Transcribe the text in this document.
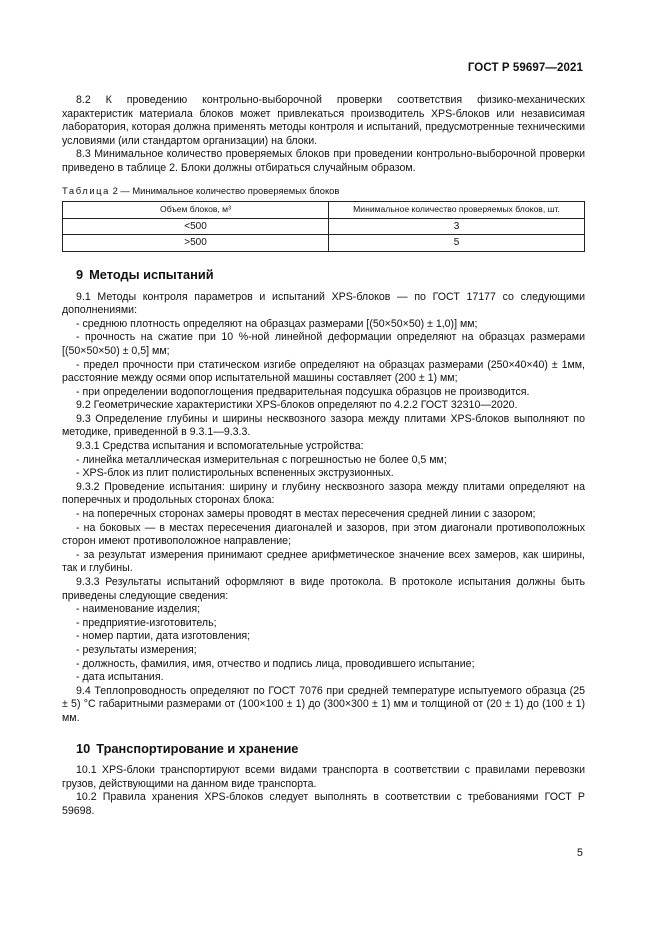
ГОСТ Р 59697—2021

8.2 К проведению контрольно-выборочной проверки соответствия физико-механических характеристик материала блоков может привлекаться производитель XPS-блоков или независимая лаборатория, которая должна применять методы контроля и испытаний, предусмотренные техническими условиями (или стандартом организации) на блоки.

8.3 Минимальное количество проверяемых блоков при проведении контрольно-выборочной проверки приведено в таблице 2. Блоки должны отбираться случайным образом.

Таблица 2 — Минимальное количество проверяемых блоков
Объем блоков, м³	Минимальное количество проверяемых блоков, шт.
<500	3
>500	5
9 Методы испытаний

9.1 Методы контроля параметров и испытаний XPS-блоков — по ГОСТ 17177 со следующими дополнениями:

- среднюю плотность определяют на образцах размерами [(50×50×50) ± 1,0)] мм;

- прочность на сжатие при 10 %-ной линейной деформации определяют на образцах размерами [(50×50×50) ± 0,5] мм;

- предел прочности при статическом изгибе определяют на образцах размерами (250×40×40) ± 1мм, расстояние между осями опор испытательной машины составляет (200 ± 1) мм;

- при определении водопоглощения предварительная подсушка образцов не производится.

9.2 Геометрические характеристики XPS-блоков определяют по 4.2.2 ГОСТ 32310—2020.

9.3 Определение глубины и ширины несквозного зазора между плитами XPS-блоков выполняют по методике, приведенной в 9.3.1—9.3.3.

9.3.1 Средства испытания и вспомогательные устройства:

- линейка металлическая измерительная с погрешностью не более 0,5 мм;

- XPS-блок из плит полистирольных вспененных экструзионных.

9.3.2 Проведение испытания: ширину и глубину несквозного зазора между плитами определяют на поперечных и продольных сторонах блока:

- на поперечных сторонах замеры проводят в местах пересечения средней линии с зазором;

- на боковых — в местах пересечения диагоналей и зазоров, при этом диагонали противоположных сторон имеют противоположное направление;

- за результат измерения принимают среднее арифметическое значение всех замеров, как ширины, так и глубины.

9.3.3 Результаты испытаний оформляют в виде протокола. В протоколе испытания должны быть приведены следующие сведения:

- наименование изделия;

- предприятие-изготовитель;

- номер партии, дата изготовления;

- результаты измерения;

- должность, фамилия, имя, отчество и подпись лица, проводившего испытание;

- дата испытания.

9.4 Теплопроводность определяют по ГОСТ 7076 при средней температуре испытуемого образца (25 ± 5) °С габаритными размерами от (100×100 ± 1) до (300×300 ± 1) мм и толщиной от (20 ± 1) до (100 ± 1) мм.

10 Транспортирование и хранение

10.1 XPS-блоки транспортируют всеми видами транспорта в соответствии с правилами перевозки грузов, действующими на данном виде транспорта.

10.2 Правила хранения XPS-блоков следует выполнять в соответствии с требованиями ГОСТ Р 59698.

5
